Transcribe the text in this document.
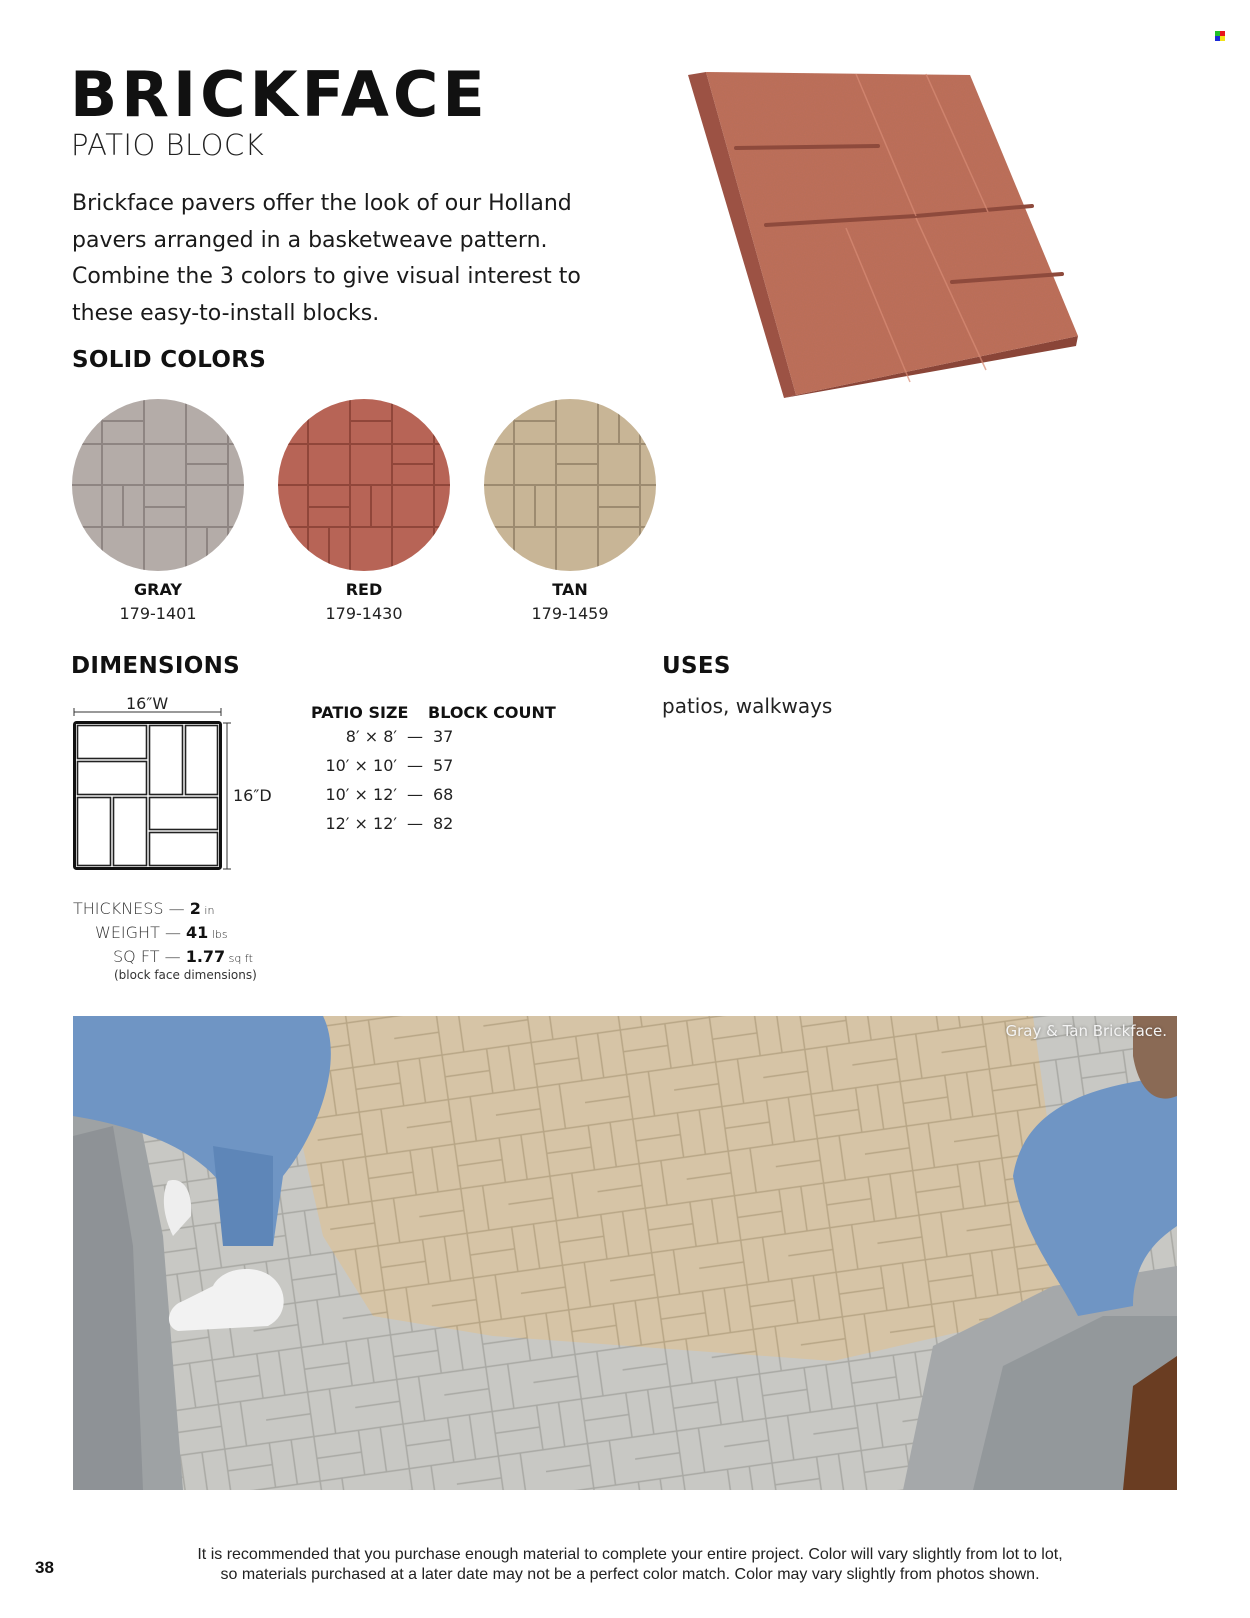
BRICKFACE
PATIO BLOCK

Brickface pavers offer the look of our Holland pavers arranged in a basketweave pattern. Combine the 3 colors to give visual interest to these easy-to-install blocks.

SOLID COLORS
GRAY
179-1401
RED
179-1430
TAN
179-1459
DIMENSIONS
16″W
16″D
PATIO SIZE BLOCK COUNT
8′ × 8′ — 37
10′ × 10′ — 57
10′ × 12′ — 68
12′ × 12′ — 82
THICKNESS — 2 in
WEIGHT — 41 lbs
SQ FT — 1.77 sq ft
(block face dimensions)
USES
patios, walkways
Gray & Tan Brickface.
38
It is recommended that you purchase enough material to complete your entire project. Color will vary slightly from lot to lot,
so materials purchased at a later date may not be a perfect color match. Color may vary slightly from photos shown.
